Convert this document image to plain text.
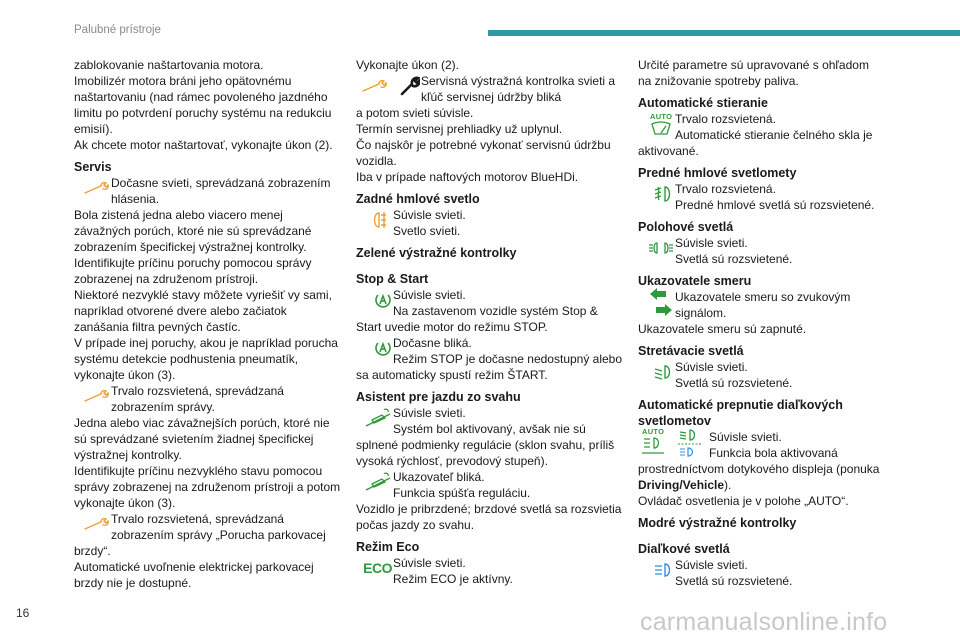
Palubné prístroje

zablokovanie naštartovania motora.

Imobilizér motora bráni jeho opätovnému naštartovaniu (nad rámec povoleného jazdného limitu po potvrdení poruchy systému na redukciu emisií).

Ak chcete motor naštartovať, vykonajte úkon (2).

Servis
Dočasne svieti, sprevádzaná zobrazením hlásenia.

Bola zistená jedna alebo viacero menej závažných porúch, ktoré nie sú sprevádzané zobrazením špecifickej výstražnej kontrolky.

Identifikujte príčinu poruchy pomocou správy zobrazenej na združenom prístroji.

Niektoré nezvyklé stavy môžete vyriešiť vy sami, napríklad otvorené dvere alebo začiatok zanášania filtra pevných častíc.

V prípade inej poruchy, akou je napríklad porucha systému detekcie podhustenia pneumatík, vykonajte úkon (3).

Trvalo rozsvietená, sprevádzaná zobrazením správy.

Jedna alebo viac závažnejších porúch, ktoré nie sú sprevádzané svietením žiadnej špecifickej výstražnej kontrolky.

Identifikujte príčinu nezvyklého stavu pomocou správy zobrazenej na združenom prístroji a potom vykonajte úkon (3).

Trvalo rozsvietená, sprevádzaná zobrazením správy „Porucha parkovacej brzdy“.

Automatické uvoľnenie elektrickej parkovacej brzdy nie je dostupné.

Vykonajte úkon (2).

Servisná výstražná kontrolka svieti a kľúč servisnej údržby bliká

a potom svieti súvisle.

Termín servisnej prehliadky už uplynul.

Čo najskôr je potrebné vykonať servisnú údržbu vozidla.

Iba v prípade naftových motorov BlueHDi.

Zadné hmlové svetlo

Súvisle svieti.

Svetlo svieti.

Zelené výstražné kontrolky
Stop & Start

Súvisle svieti.

Na zastavenom vozidle systém Stop & Start uvedie motor do režimu STOP.

Dočasne bliká.

Režim STOP je dočasne nedostupný alebo sa automaticky spustí režim ŠTART.

Asistent pre jazdu zo svahu

Súvisle svieti.

Systém bol aktivovaný, avšak nie sú splnené podmienky regulácie (sklon svahu, príliš vysoká rýchlosť, prevodový stupeň).

Ukazovateľ bliká.

Funkcia spúšťa reguláciu.

Vozidlo je pribrzdené; brzdové svetlá sa rozsvietia počas jazdy zo svahu.

Režim Eco
ECO Súvisle svieti.

Režim ECO je aktívny.

Určité parametre sú upravované s ohľadom na znižovanie spotreby paliva.

Automatické stieranie
AUTO Trvalo rozsvietená.

Automatické stieranie čelného skla je aktivované.

Predné hmlové svetlomety

Trvalo rozsvietená.

Predné hmlové svetlá sú rozsvietené.

Polohové svetlá

Súvisle svieti.

Svetlá sú rozsvietené.

Ukazovatele smeru
Ukazovatele smeru so zvukovým signálom.

Ukazovatele smeru sú zapnuté.

Stretávacie svetlá

Súvisle svieti.

Svetlá sú rozsvietené.

Automatické prepnutie diaľkových svetlometov
AUTO	Súvisle svieti.

Funkcia bola aktivovaná prostredníctvom dotykového displeja (ponuka Driving/Vehicle).

Ovládač osvetlenia je v polohe „AUTO“.

Modré výstražné kontrolky
Diaľkové svetlá

Súvisle svieti.

Svetlá sú rozsvietené.

16	carmanualsonline.info
